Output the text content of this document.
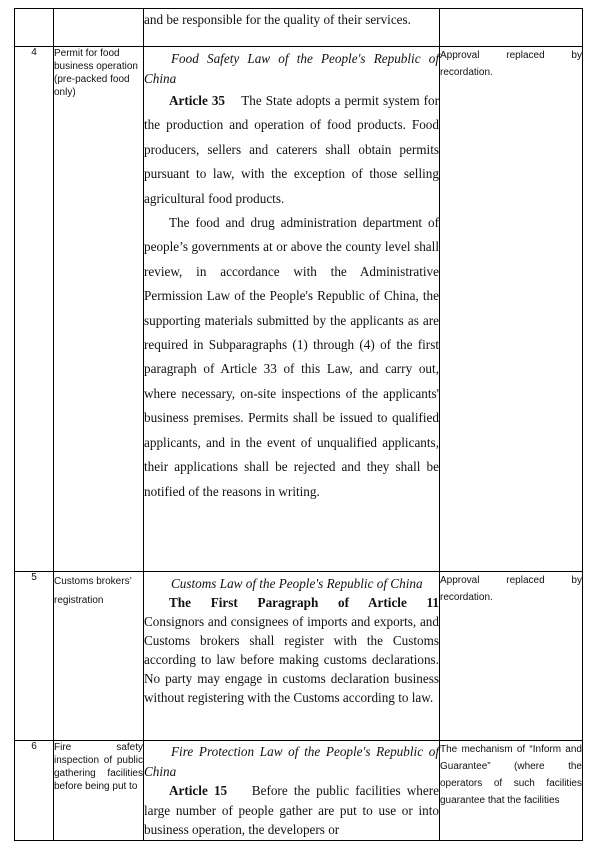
		and be responsible for the quality of their services.	

4	Permit for food business operation (pre-packed food only)	Food Safety Law of the People's Republic of China

Article 35 The State adopts a permit system for the production and operation of food products. Food producers, sellers and caterers shall obtain permits pursuant to law, with the exception of those selling agricultural food products.

The food and drug administration department of people’s governments at or above the county level shall review, in accordance with the Administrative Permission Law of the People's Republic of China, the supporting materials submitted by the applicants as are required in Subparagraphs (1) through (4) of the first paragraph of Article 33 of this Law, and carry out, where necessary, on-site inspections of the applicants' business premises. Permits shall be issued to qualified applicants, and in the event of unqualified applicants, their applications shall be rejected and they shall be notified of the reasons in writing.	Approval replaced by recordation.
5	Customs brokers’ registration	Customs Law of the People's Republic of China

The First Paragraph of Article 11
Consignors and consignees of imports and exports, and Customs brokers shall register with the Customs according to law before making customs declarations. No party may engage in customs declaration business without registering with the Customs according to law.	Approval replaced by recordation.
6	Fire safety inspection of public gathering facilities before being put to	Fire Protection Law of the People's Republic of China

Article 15 Before the public facilities where large number of people gather are put to use or into business operation, the developers or	The mechanism of “Inform and Guarantee” (where the operators of such facilities guarantee that the facilities
